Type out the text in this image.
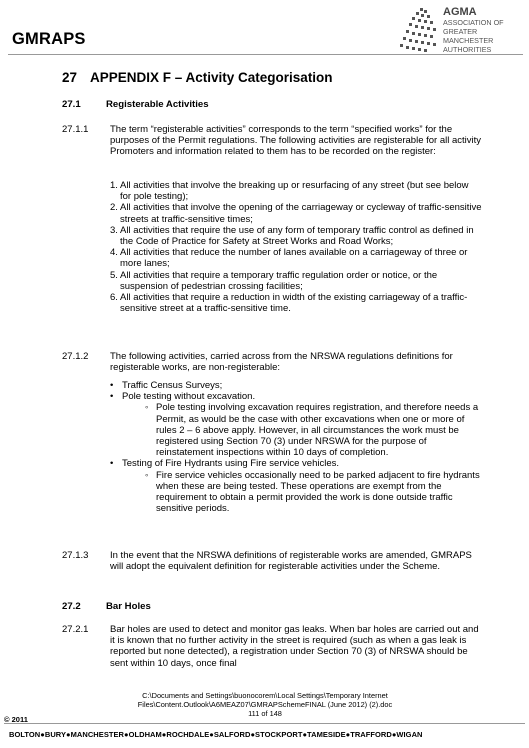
GMRAPS
AGMA
ASSOCIATION OF
GREATER MANCHESTER
AUTHORITIES
27 APPENDIX F – Activity Categorisation
27.1	Registerable Activities
27.1.1 The term “registerable activities” corresponds to the term “specified works” for the purposes of the Permit regulations. The following activities are registerable for all activity Promoters and information related to them has to be recorded on the register:
1. All activities that involve the breaking up or resurfacing of any street (but see below for pole testing);
2. All activities that involve the opening of the carriageway or cycleway of traffic-sensitive streets at traffic-sensitive times;
3. All activities that require the use of any form of temporary traffic control as defined in the Code of Practice for Safety at Street Works and Road Works;
4. All activities that reduce the number of lanes available on a carriageway of three or more lanes;
5. All activities that require a temporary traffic regulation order or notice, or the suspension of pedestrian crossing facilities;
6. All activities that require a reduction in width of the existing carriageway of a traffic-sensitive street at a traffic-sensitive time.
27.1.2 The following activities, carried across from the NRSWA regulations definitions for registerable works, are non-registerable:
• Traffic Census Surveys;
• Pole testing without excavation.
◦ Pole testing involving excavation requires registration, and therefore needs a Permit, as would be the case with other excavations when one or more of rules 2 – 6 above apply. However, in all circumstances the work must be registered using Section 70 (3) under NRSWA for the purpose of reinstatement inspections within 10 days of completion.
• Testing of Fire Hydrants using Fire service vehicles.
◦ Fire service vehicles occasionally need to be parked adjacent to fire hydrants when these are being tested. These operations are exempt from the requirement to obtain a permit provided the work is done outside traffic sensitive periods.
27.1.3 In the event that the NRSWA definitions of registerable works are amended, GMRAPS will adopt the equivalent definition for registerable activities under the Scheme.
27.2	Bar Holes
27.2.1 Bar holes are used to detect and monitor gas leaks. When bar holes are carried out and it is known that no further activity in the street is required (such as when a gas leak is reported but none detected), a registration under Section 70 (3) of NRSWA should be sent within 10 days, once final
C:\Documents and Settings\buonocorem\Local Settings\Temporary Internet
Files\Content.Outlook\A6MEAZ07\GMRAPSchemeFINAL (June 2012) (2).doc
111 of 148
© 2011
BOLTON●BURY●MANCHESTER●OLDHAM●ROCHDALE●SALFORD●STOCKPORT●TAMESIDE●TRAFFORD●WIGAN
